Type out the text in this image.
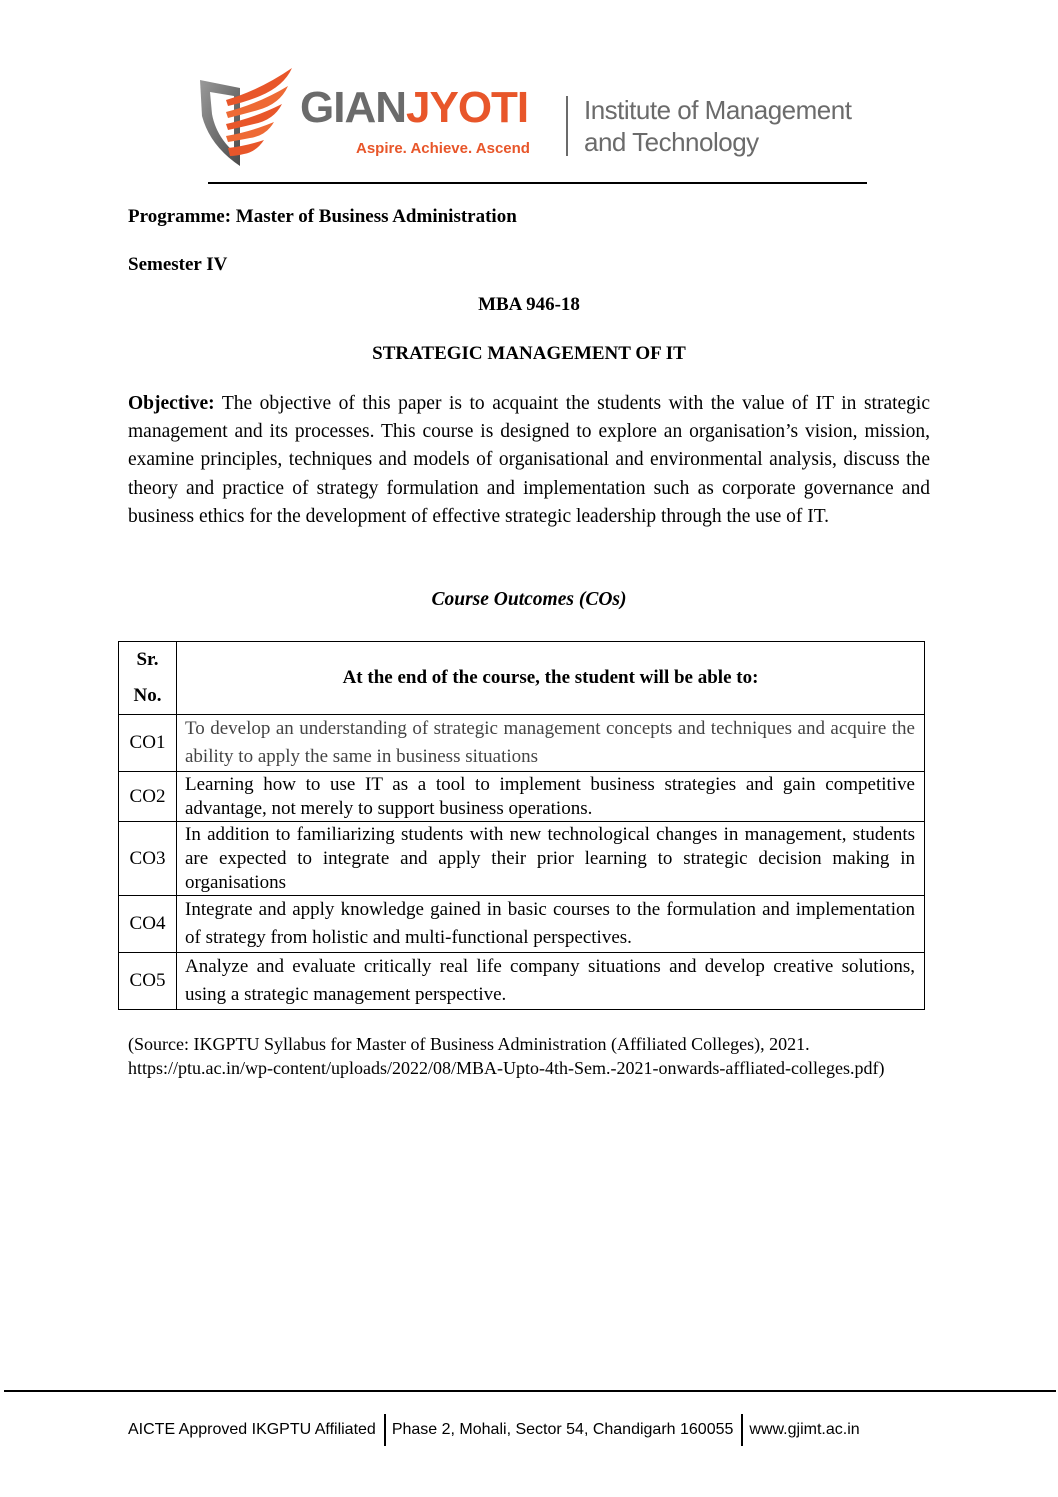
GIANJYOTI
Aspire. Achieve. Ascend
Institute of Management
and Technology
Programme: Master of Business Administration
Semester IV
MBA 946-18
STRATEGIC MANAGEMENT OF IT
Objective: The objective of this paper is to acquaint the students with the value of IT in strategic management and its processes. This course is designed to explore an organisation’s vision, mission, examine principles, techniques and models of organisational and environmental analysis, discuss the theory and practice of strategy formulation and implementation such as corporate governance and business ethics for the development of effective strategic leadership through the use of IT.
Course Outcomes (COs)
Sr.
No.	At the end of the course, the student will be able to:
CO1	To develop an understanding of strategic management concepts and techniques and acquire the ability to apply the same in business situations
CO2	Learning how to use IT as a tool to implement business strategies and gain competitive advantage, not merely to support business operations.
CO3	In addition to familiarizing students with new technological changes in management, students are expected to integrate and apply their prior learning to strategic decision making in organisations
CO4	Integrate and apply knowledge gained in basic courses to the formulation and implementation of strategy from holistic and multi-functional perspectives.
CO5	Analyze and evaluate critically real life company situations and develop creative solutions, using a strategic management perspective.
(Source: IKGPTU Syllabus for Master of Business Administration (Affiliated Colleges), 2021.
https://ptu.ac.in/wp-content/uploads/2022/08/MBA-Upto-4th-Sem.-2021-onwards-affliated-colleges.pdf)
AICTE Approved IKGPTU Affiliated Phase 2, Mohali, Sector 54, Chandigarh 160055 www.gjimt.ac.in
